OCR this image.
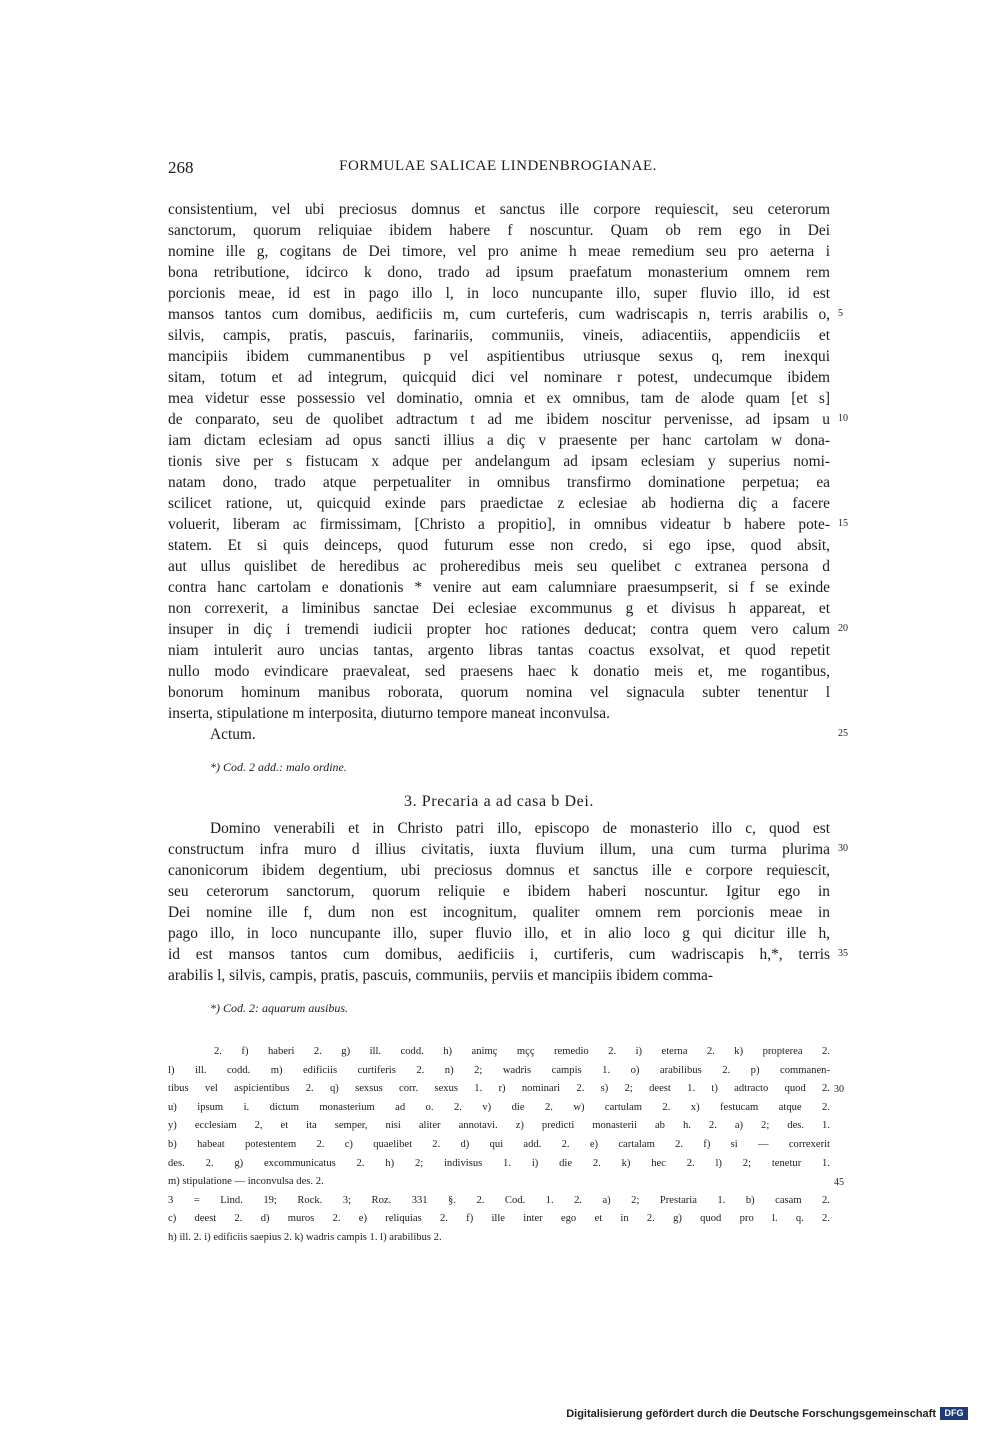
268	FORMULAE SALICAE LINDENBROGIANAE.
consistentium, vel ubi preciosus domnus et sanctus ille corpore requiescit, seu ceterorum
sanctorum, quorum reliquiae ibidem habere f noscuntur. Quam ob rem ego in Dei
nomine ille g, cogitans de Dei timore, vel pro anime h meae remedium seu pro aeterna i
bona retributione, idcirco k dono, trado ad ipsum praefatum monasterium omnem rem
porcionis meae, id est in pago illo l, in loco nuncupante illo, super fluvio illo, id est
mansos tantos cum domibus, aedificiis m, cum curteferis, cum wadriscapis n, terris arabilis o, 5
silvis, campis, pratis, pascuis, farinariis, communiis, vineis, adiacentiis, appendiciis et
mancipiis ibidem cummanentibus p vel aspitientibus utriusque sexus q, rem inexqui
sitam, totum et ad integrum, quicquid dici vel nominare r potest, undecumque ibidem
mea videtur esse possessio vel dominatio, omnia et ex omnibus, tam de alode quam [et s]
de conparato, seu de quolibet adtractum t ad me ibidem noscitur pervenisse, ad ipsam u 10
iam dictam eclesiam ad opus sancti illius a diç v praesente per hanc cartolam w dona-
tionis sive per s fistucam x adque per andelangum ad ipsam eclesiam y superius nomi-
natam dono, trado atque perpetualiter in omnibus transfirmo dominatione perpetua; ea
scilicet ratione, ut, quicquid exinde pars praedictae z eclesiae ab hodierna diç a facere
voluerit, liberam ac firmissimam, [Christo a propitio], in omnibus videatur b habere pote- 15
statem. Et si quis deinceps, quod futurum esse non credo, si ego ipse, quod absit,
aut ullus quislibet de heredibus ac proheredibus meis seu quelibet c extranea persona d
contra hanc cartolam e donationis * venire aut eam calumniare praesumpserit, si f se exinde
non correxerit, a liminibus sanctae Dei eclesiae excommunus g et divisus h appareat, et
insuper in diç i tremendi iudicii propter hoc rationes deducat; contra quem vero calum 20
niam intulerit auro uncias tantas, argento libras tantas coactus exsolvat, et quod repetit
nullo modo evindicare praevaleat, sed praesens haec k donatio meis et, me rogantibus,
bonorum hominum manibus roborata, quorum nomina vel signacula subter tenentur l
inserta, stipulatione m interposita, diuturno tempore maneat inconvulsa.
Actum.	25
*) Cod. 2 add.: malo ordine.
3. Precaria a ad casa b Dei.
Domino venerabili et in Christo patri illo, episcopo de monasterio illo c, quod est
constructum infra muro d illius civitatis, iuxta fluvium illum, una cum turma plurima 30
canonicorum ibidem degentium, ubi preciosus domnus et sanctus ille e corpore requiescit,
seu ceterorum sanctorum, quorum reliquie e ibidem haberi noscuntur. Igitur ego in
Dei nomine ille f, dum non est incognitum, qualiter omnem rem porcionis meae in
pago illo, in loco nuncupante illo, super fluvio illo, et in alio loco g qui dicitur ille h,
id est mansos tantos cum domibus, aedificiis i, curtiferis, cum wadriscapis h,*, terris 35
arabilis l, silvis, campis, pratis, pascuis, communiis, perviis et mancipiis ibidem comma-
*) Cod. 2: aquarum ausibus.
2. f) haberi 2. g) ill. codd. h) animç mçç remedio 2. i) eterna 2. k) propterea 2.
l) ill. codd. m) edificiis curtiferis 2. n) 2; wadris campis 1. o) arabilibus 2. p) commanen-
tibus vel aspicientibus 2. q) sexsus corr. sexus 1. r) nominari 2. s) 2; deest 1. t) adtracto quod 2. 30
u) ipsum i. dictum monasterium ad o. 2. v) die 2. w) cartulam 2. x) festucam atque 2.
y) ecclesiam 2, et ita semper, nisi aliter annotavi. z) predicti monasterii ab h. 2. a) 2; des. 1.
b) habeat potestentem 2. c) quaelibet 2. d) qui add. 2. e) cartalam 2. f) si — correxerit
des. 2. g) excommunicatus 2. h) 2; indivisus 1. i) die 2. k) hec 2. l) 2; tenetur 1.
m) stipulatione — inconvulsa des. 2.	45
3 = Lind. 19; Rock. 3; Roz. 331 §. 2. Cod. 1. 2. a) 2; Prestaria 1. b) casam 2.
c) deest 2. d) muros 2. e) reliquias 2. f) ille inter ego et in 2. g) quod pro l. q. 2.
h) ill. 2. i) edificiis saepius 2. k) wadris campis 1. l) arabilibus 2.
Digitalisierung gefördert durch die Deutsche Forschungsgemeinschaft DFG
